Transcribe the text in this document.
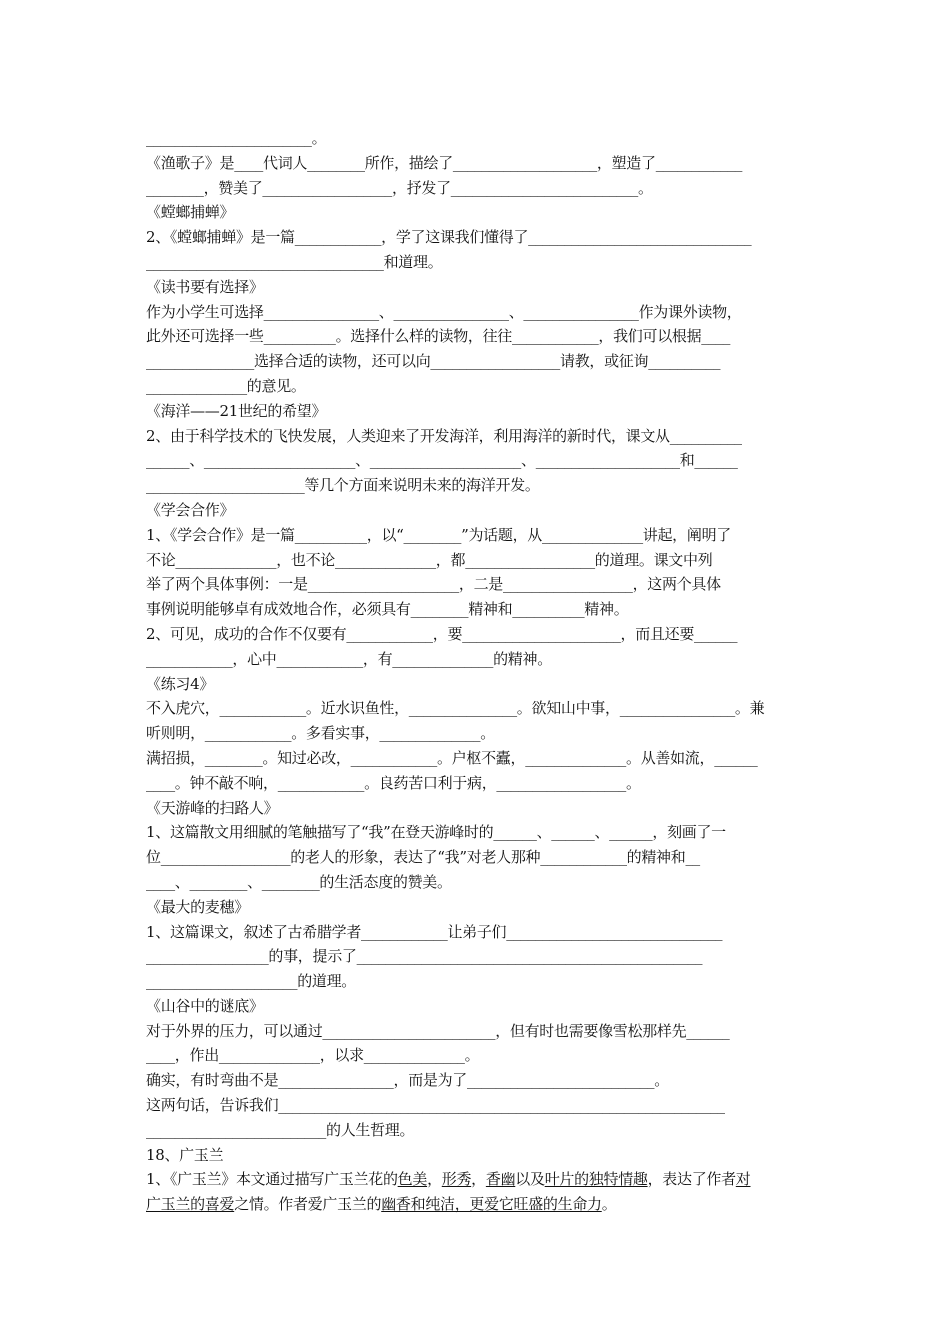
_______________________。
《渔歌子》是____代词人________所作，描绘了____________________，塑造了____________
________，赞美了__________________，抒发了__________________________。
《螳螂捕蝉》
2、《螳螂捕蝉》是一篇____________，学了这课我们懂得了_______________________________
_________________________________和道理。
《读书要有选择》
作为小学生可选择________________、________________、________________作为课外读物，
此外还可选择一些__________。选择什么样的读物，往往____________，我们可以根据____
_______________选择合适的读物，还可以向__________________请教，或征询__________
______________的意见。
《海洋——21世纪的希望》
2、由于科学技术的飞快发展，人类迎来了开发海洋，利用海洋的新时代，课文从__________
______、_____________________、_____________________、____________________和______
______________________等几个方面来说明未来的海洋开发。
《学会合作》
1、《学会合作》是一篇__________，以“________”为话题，从______________讲起，阐明了
不论______________，也不论______________，都__________________的道理。课文中列
举了两个具体事例：一是_____________________，二是__________________，这两个具体
事例说明能够卓有成效地合作，必须具有________精神和__________精神。
2、可见，成功的合作不仅要有____________，要______________________，而且还要______
____________，心中____________，有______________的精神。
《练习4》
不入虎穴，____________。近水识鱼性，_______________。欲知山中事，________________。兼
听则明，____________。多看实事，______________。
满招损，________。知过必改，____________。户枢不蠹，______________。从善如流，______
____。钟不敲不响，____________。良药苦口利于病，__________________。
《天游峰的扫路人》
1、这篇散文用细腻的笔触描写了“我”在登天游峰时的______、______、______，刻画了一
位__________________的老人的形象，表达了“我”对老人那种____________的精神和__
____、________、________的生活态度的赞美。
《最大的麦穗》
1、这篇课文，叙述了古希腊学者____________让弟子们______________________________
_________________的事，提示了________________________________________________
_____________________的道理。
《山谷中的谜底》
对于外界的压力，可以通过________________________，但有时也需要像雪松那样先______
____，作出______________，以求______________。
确实，有时弯曲不是________________，而是为了__________________________。
这两句话，告诉我们______________________________________________________________
_________________________的人生哲理。
18、广玉兰
1、《广玉兰》本文通过描写广玉兰花的色美，形秀，香幽以及叶片的独特情趣，表达了作者对
广玉兰的喜爱之情。作者爱广玉兰的幽香和纯洁，更爱它旺盛的生命力。
